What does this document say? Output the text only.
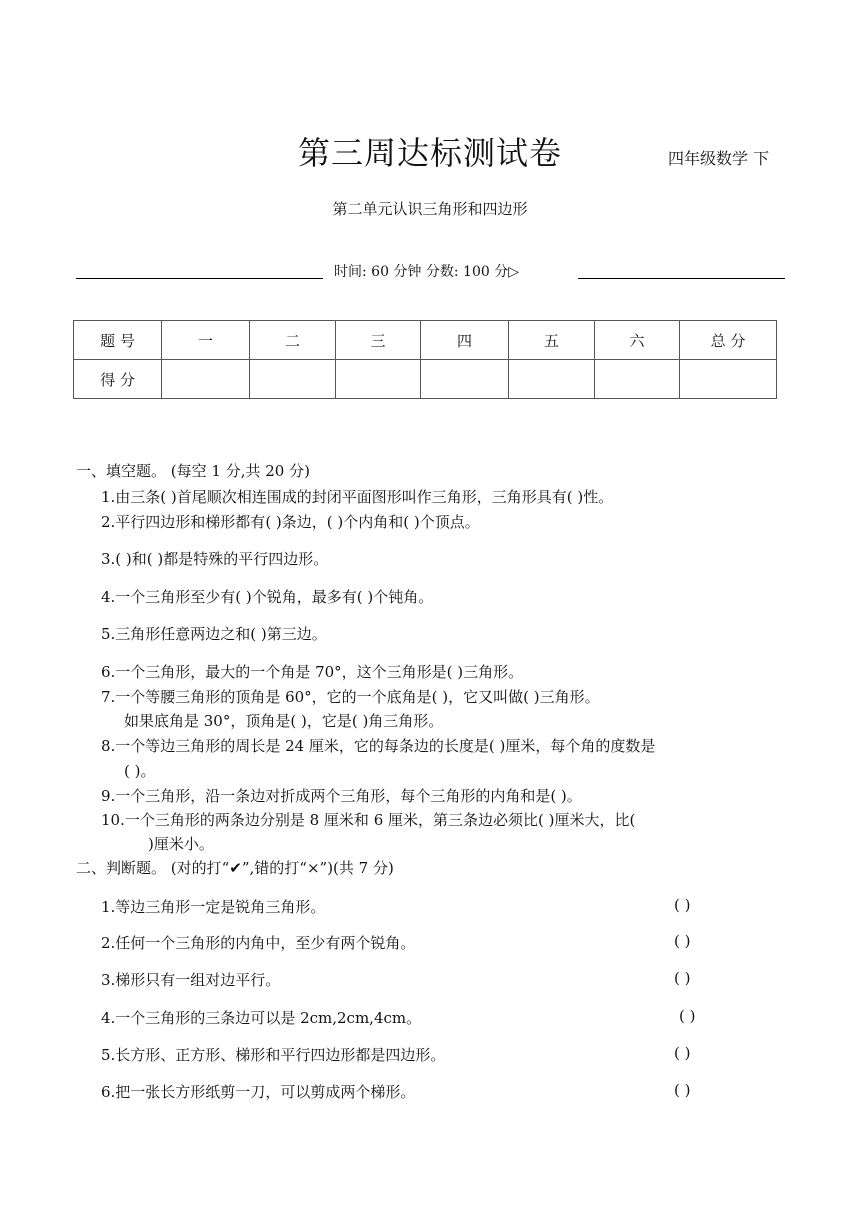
第三周达标测试卷	四年级数学 下
第二单元认识三角形和四边形
时间: 60 分钟 分数: 100 分▷
题 号	一	二	三	四	五	六	总 分
得 分							
一、填空题。 (每空 1 分,共 20 分)
1.由三条( )首尾顺次相连围成的封闭平面图形叫作三角形，三角形具有( )性。
2.平行四边形和梯形都有( )条边，( )个内角和( )个顶点。
3.( )和( )都是特殊的平行四边形。
4.一个三角形至少有( )个锐角，最多有( )个钝角。
5.三角形任意两边之和( )第三边。
6.一个三角形，最大的一个角是 70°，这个三角形是( )三角形。
7.一个等腰三角形的顶角是 60°，它的一个底角是( )，它又叫做( )三角形。
如果底角是 30°，顶角是( )，它是( )角三角形。
8.一个等边三角形的周长是 24 厘米，它的每条边的长度是( )厘米，每个角的度数是
( )。
9.一个三角形，沿一条边对折成两个三角形，每个三角形的内角和是( )。
10.一个三角形的两条边分别是 8 厘米和 6 厘米，第三条边必须比( )厘米大，比(
)厘米小。
二、判断题。 (对的打“✔”,错的打“×”)(共 7 分)
1.等边三角形一定是锐角三角形。	( )
2.任何一个三角形的内角中，至少有两个锐角。	( )
3.梯形只有一组对边平行。	( )
4.一个三角形的三条边可以是 2cm,2cm,4cm。	( )
5.长方形、正方形、梯形和平行四边形都是四边形。	( )
6.把一张长方形纸剪一刀，可以剪成两个梯形。	( )
